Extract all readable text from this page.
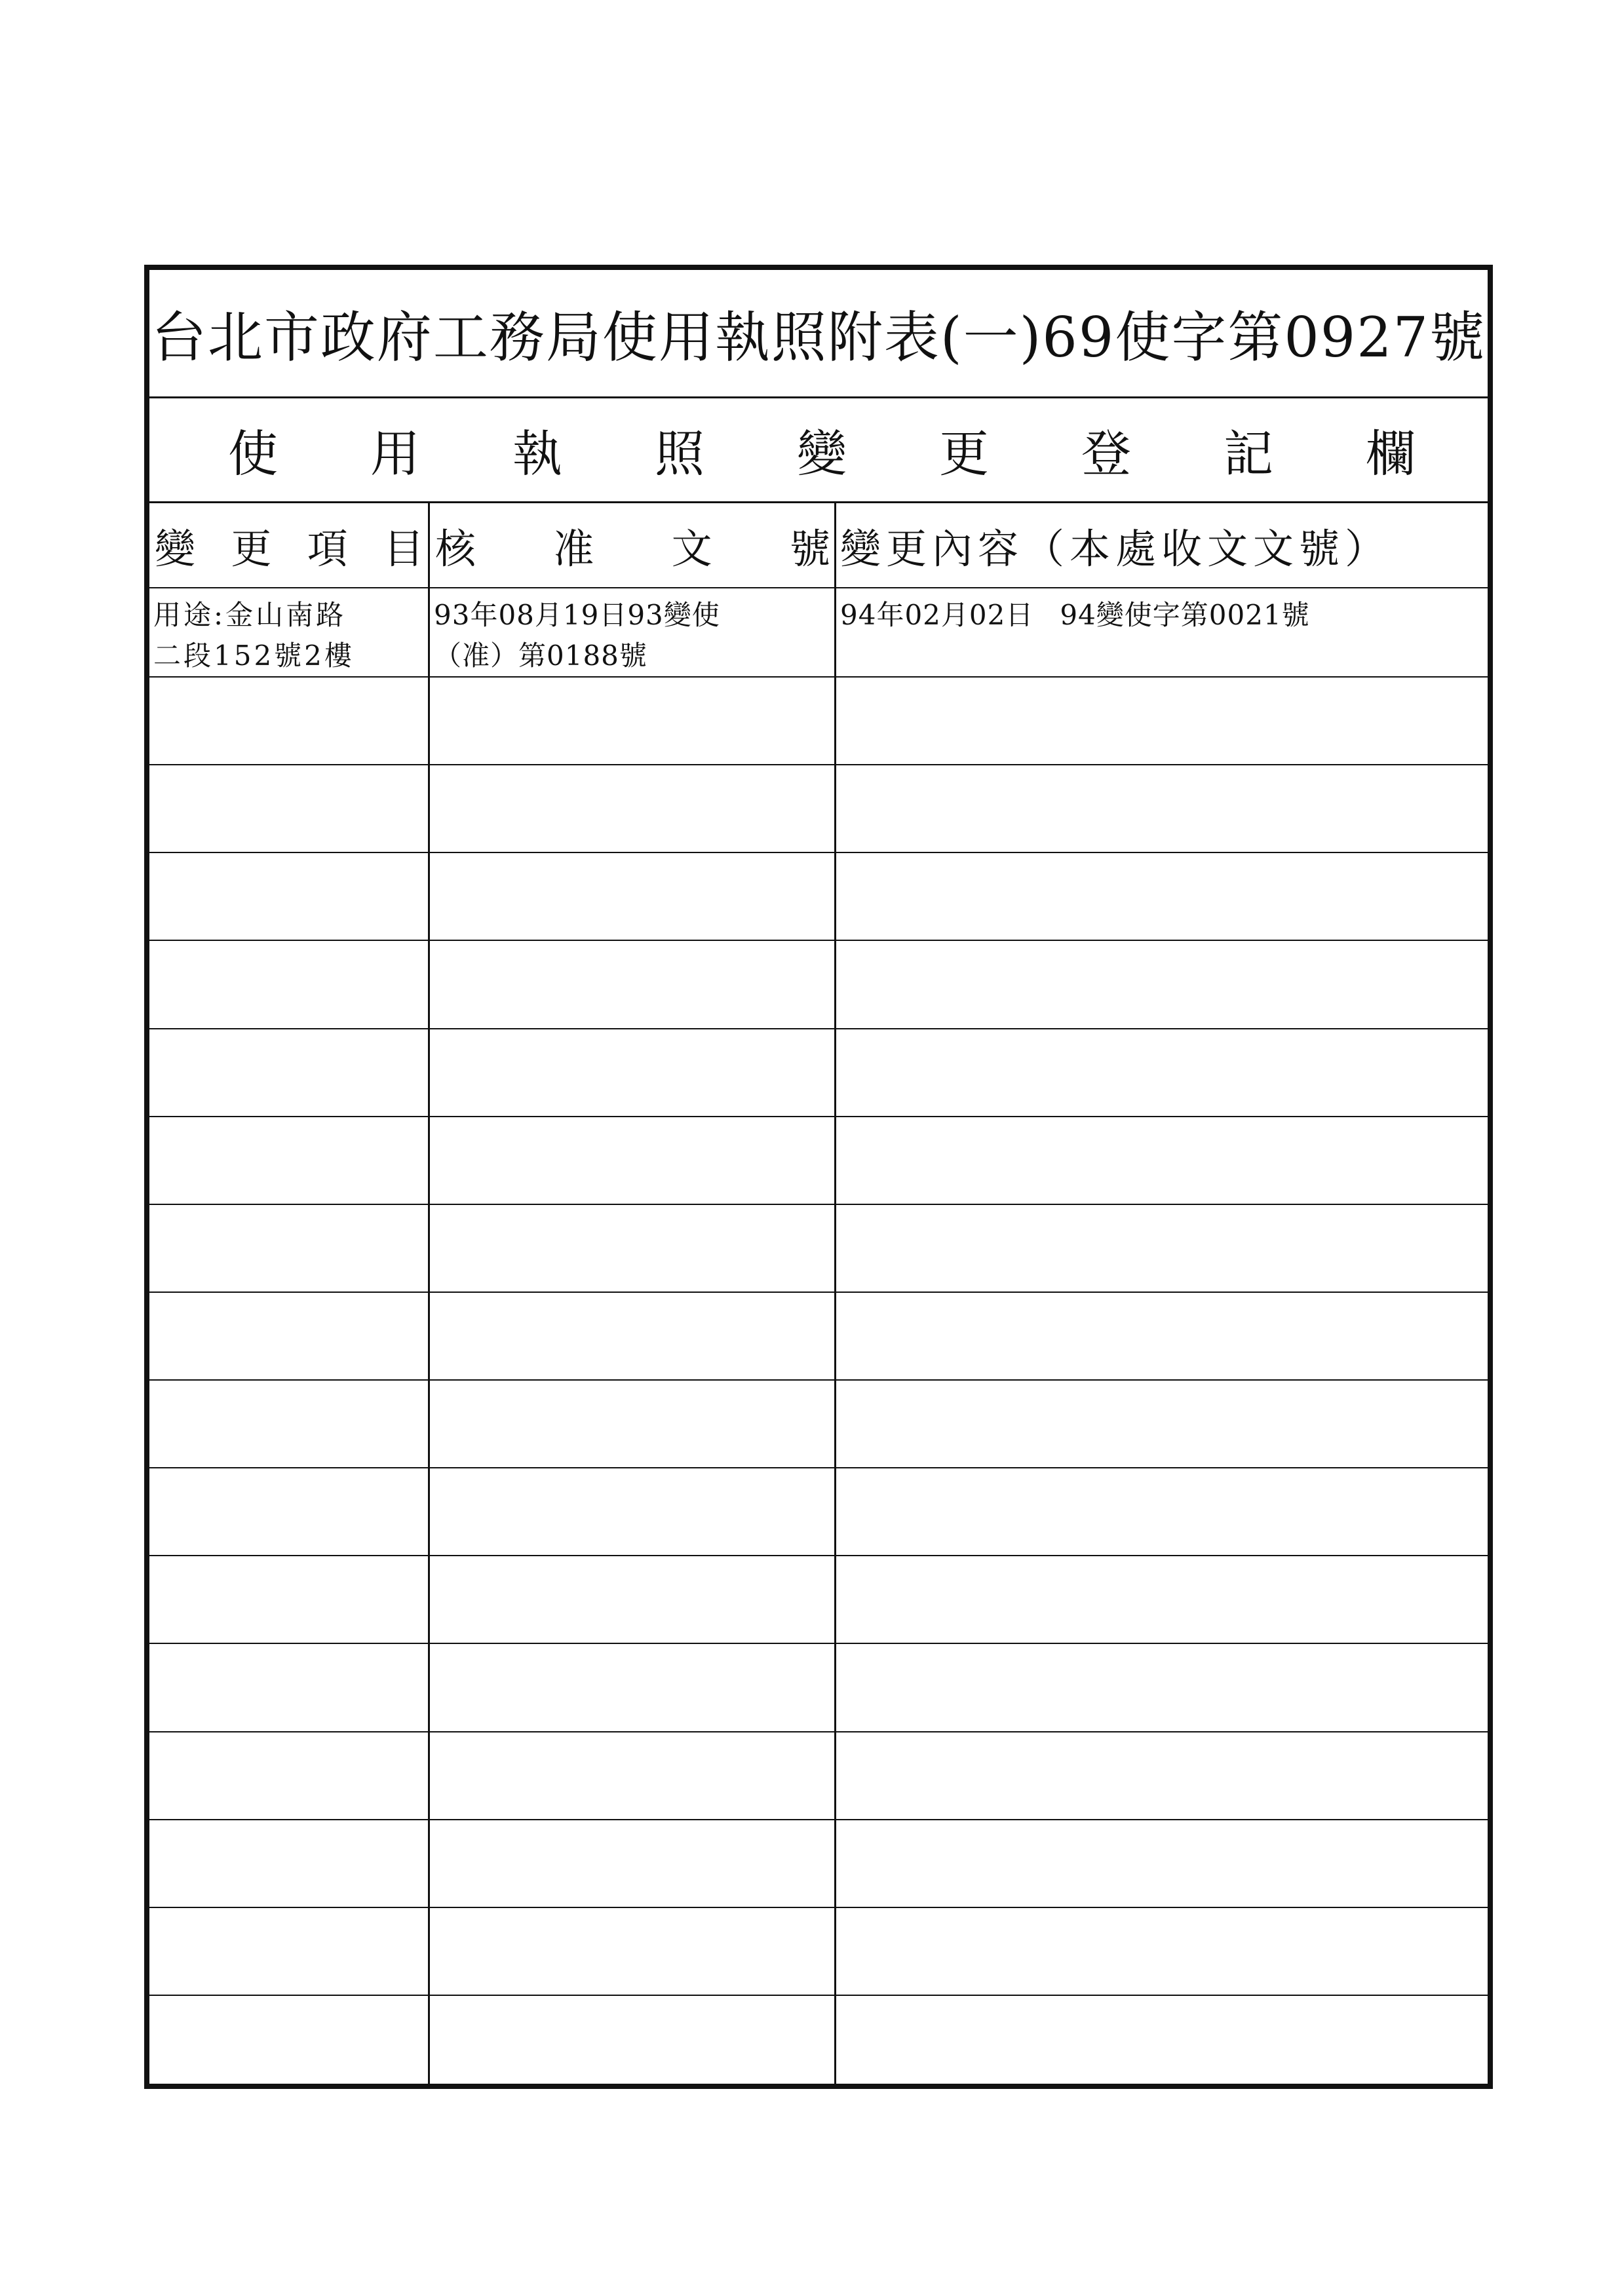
台北市政府工務局使用執照附表(一)69使字第0927號
使 用 執 照 變 更 登 記 欄
變 更 項 目 核 准 文 號 變更內容（本處收文文號）
用途:金山南路
二段152號2樓
93年08月19日93變使
（准）第0188號
94年02月02日 94變使字第0021號
